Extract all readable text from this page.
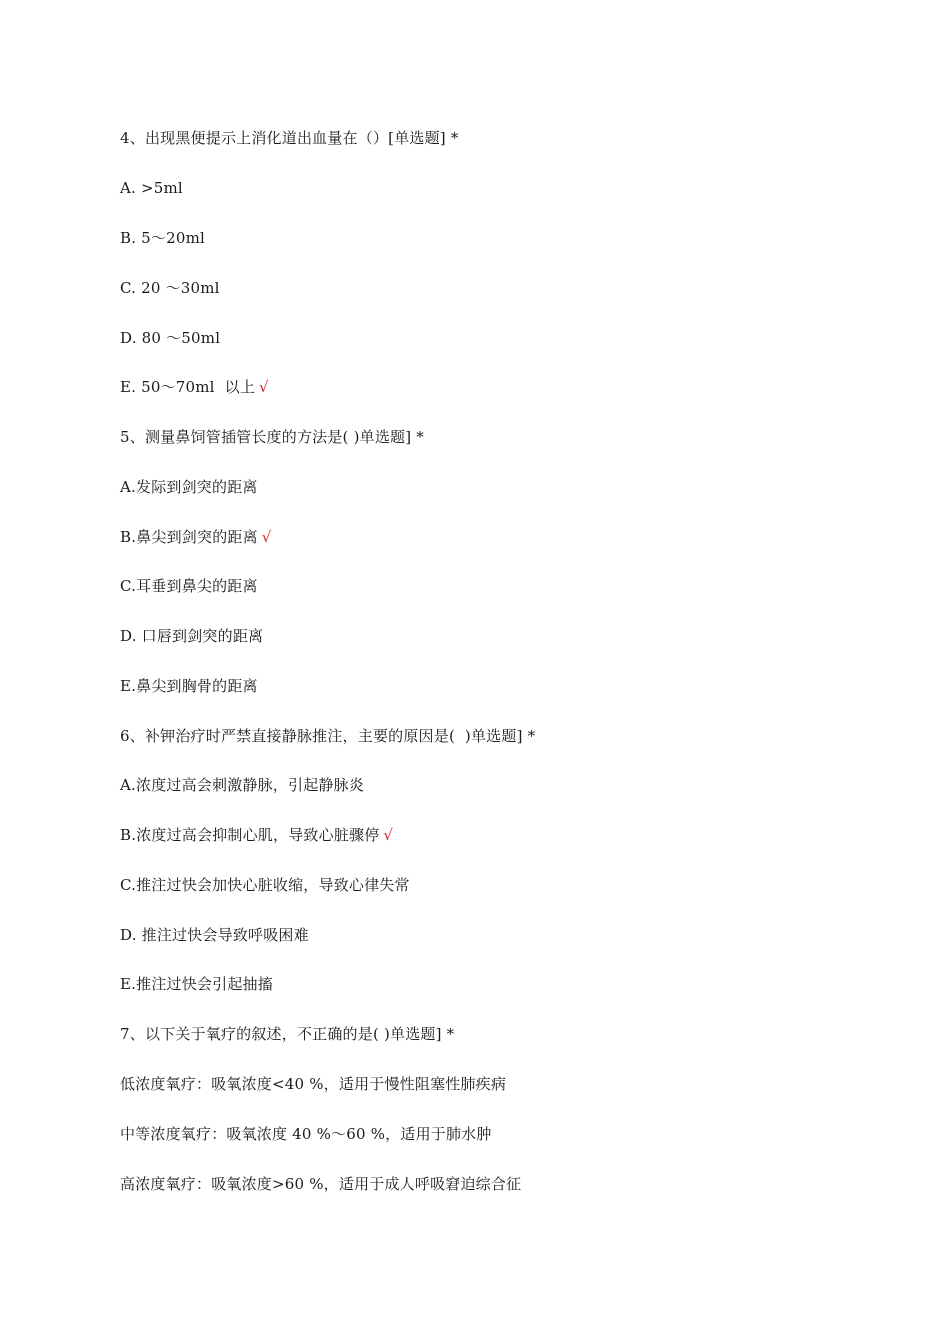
4、出现黑便提示上消化道出血量在（）[单选题] *
A. >5ml
B. 5～20ml
C. 20 ～30ml
D. 80 ～50ml
E. 50～70ml  以上 √
5、测量鼻饲管插管长度的方法是( )单选题] *
A.发际到剑突的距离
B.鼻尖到剑突的距离 √
C.耳垂到鼻尖的距离
D. 口唇到剑突的距离
E.鼻尖到胸骨的距离
6、补钾治疗时严禁直接静脉推注，主要的原因是(  )单选题] *
A.浓度过高会刺激静脉，引起静脉炎
B.浓度过高会抑制心肌，导致心脏骤停 √
C.推注过快会加快心脏收缩，导致心律失常
D. 推注过快会导致呼吸困难
E.推注过快会引起抽搐
7、以下关于氧疗的叙述，不正确的是( )单选题] *
低浓度氧疗：吸氧浓度<40 %，适用于慢性阻塞性肺疾病
中等浓度氧疗：吸氧浓度 40 %～60 %，适用于肺水肿
高浓度氧疗：吸氧浓度>60 %，适用于成人呼吸窘迫综合征
